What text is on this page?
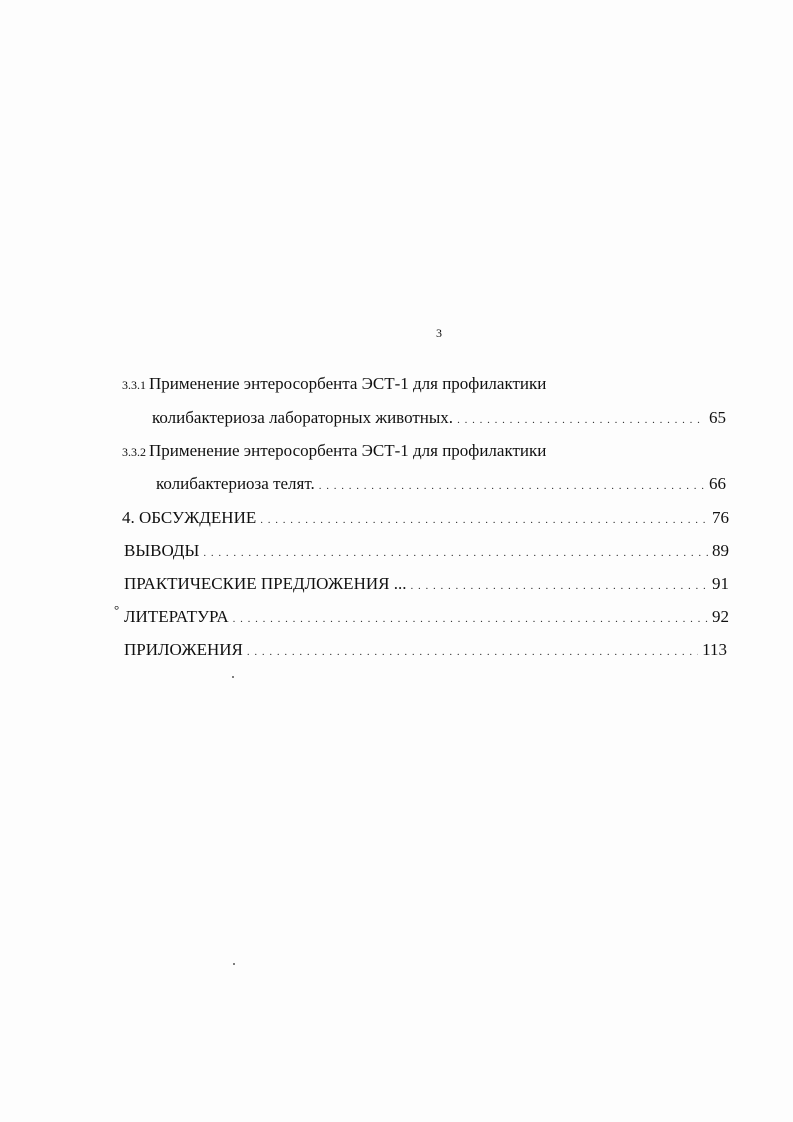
3
3.3.1 Применение энтеросорбента ЭСТ-1 для профилактики
колибактериоза лабораторных животных. . . .	65
3.3.2 Применение энтеросорбента ЭСТ-1 для профилактики
колибактериоза телят. . . .	66
4. ОБСУЖДЕНИЕ . . .	76
ВЫВОДЫ . . .	89
ПРАКТИЧЕСКИЕ ПРЕДЛОЖЕНИЯ ... . . .	91
° ЛИТЕРАТУРА . . .	92
ПРИЛОЖЕНИЯ . . .	113
